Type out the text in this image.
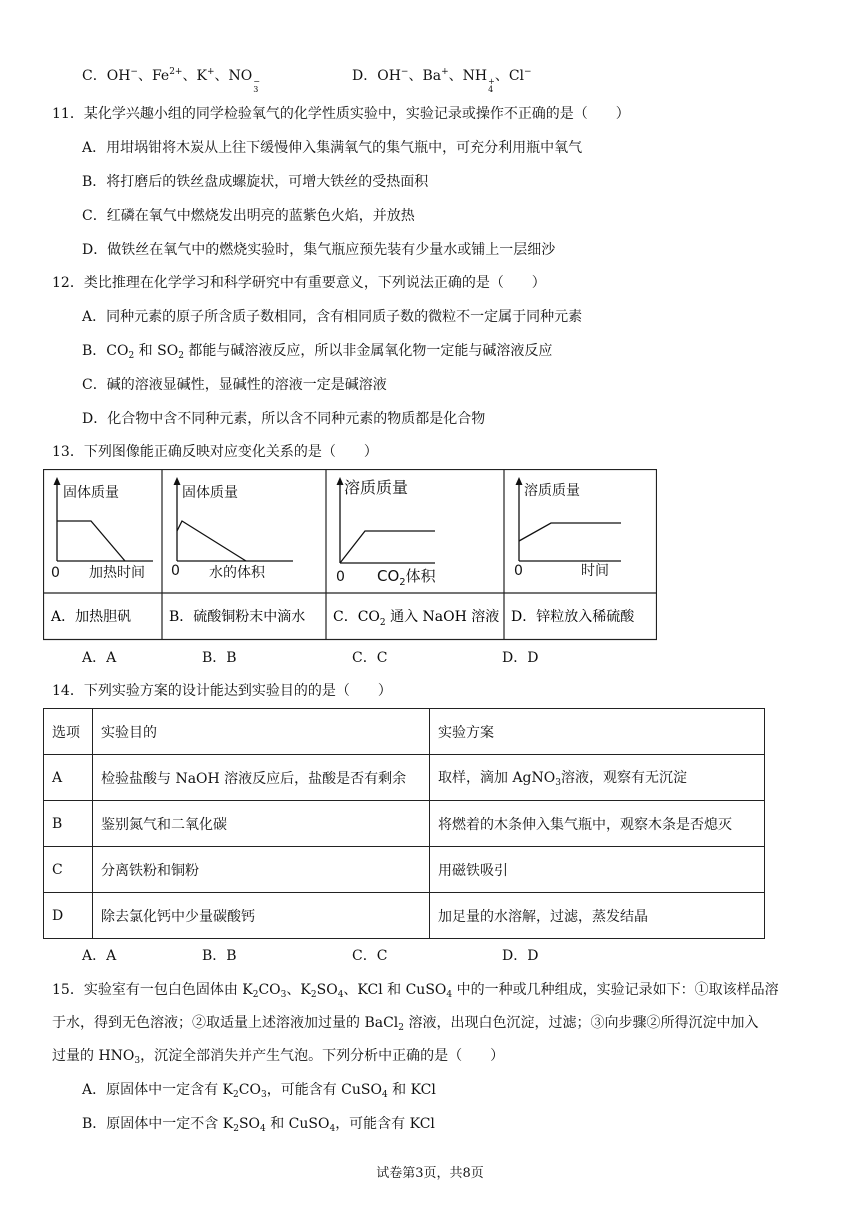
C．OH−、$Fe^{2+}$、K+、NO −
3
D．OH−、Ba+、NH +
4
、Cl−
11．某化学兴趣小组的同学检验氧气的化学性质实验中，实验记录或操作不正确的是（　　）
A．用坩埚钳将木炭从上往下缓慢伸入集满氧气的集气瓶中，可充分利用瓶中氧气
B．将打磨后的铁丝盘成螺旋状，可增大铁丝的受热面积
C．红磷在氧气中燃烧发出明亮的蓝紫色火焰，并放热
D．做铁丝在氧气中的燃烧实验时，集气瓶应预先装有少量水或铺上一层细沙
12．类比推理在化学学习和科学研究中有重要意义，下列说法正确的是（　　）
A．同种元素的原子所含质子数相同，含有相同质子数的微粒不一定属于同种元素
B．$CO_2$ 和 $SO_2$ 都能与碱溶液反应，所以非金属氧化物一定能与碱溶液反应
C．碱的溶液显碱性，显碱性的溶液一定是碱溶液
D．化合物中含不同种元素，所以含不同种元素的物质都是化合物
13．下列图像能正确反映对应变化关系的是（　　）
固体质量
0 加热时间
固体质量
0 水的体积
溶质质量
0 $CO_2$体积
溶质质量
0	时间
A．加热胆矾	B．硫酸铜粉末中滴水 C．$CO_2$ 通入 NaOH 溶液 D．锌粒放入稀硫酸
A．A	B．B	C．C	D．D
14．下列实验方案的设计能达到实验目的的是（　　）
选项	实验目的	实验方案
A	检验盐酸与 NaOH 溶液反应后，盐酸是否有剩余	取样，滴加 AgNO$_3$溶液，观察有无沉淀
B	鉴别氮气和二氧化碳	将燃着的木条伸入集气瓶中，观察木条是否熄灭
C	分离铁粉和铜粉	用磁铁吸引
D	除去氯化钙中少量碳酸钙	加足量的水溶解，过滤，蒸发结晶
A．A	B．B	C．C	D．D
15．实验室有一包白色固体由 $K_2CO_3$、$K_2SO_4$、KCl 和 CuSO$_4$ 中的一种或几种组成，实验记录如下：①取该样品溶
于水，得到无色溶液；②取适量上述溶液加过量的 BaCl$_2$ 溶液，出现白色沉淀，过滤；③向步骤②所得沉淀中加入
过量的 $HNO_3$，沉淀全部消失并产生气泡。下列分析中正确的是（　　）
A．原固体中一定含有 $K_2CO_3$，可能含有 CuSO$_4$ 和 KCl
B．原固体中一定不含 $K_2SO_4$ 和 CuSO$_4$，可能含有 KCl
试卷第3页，共8页
